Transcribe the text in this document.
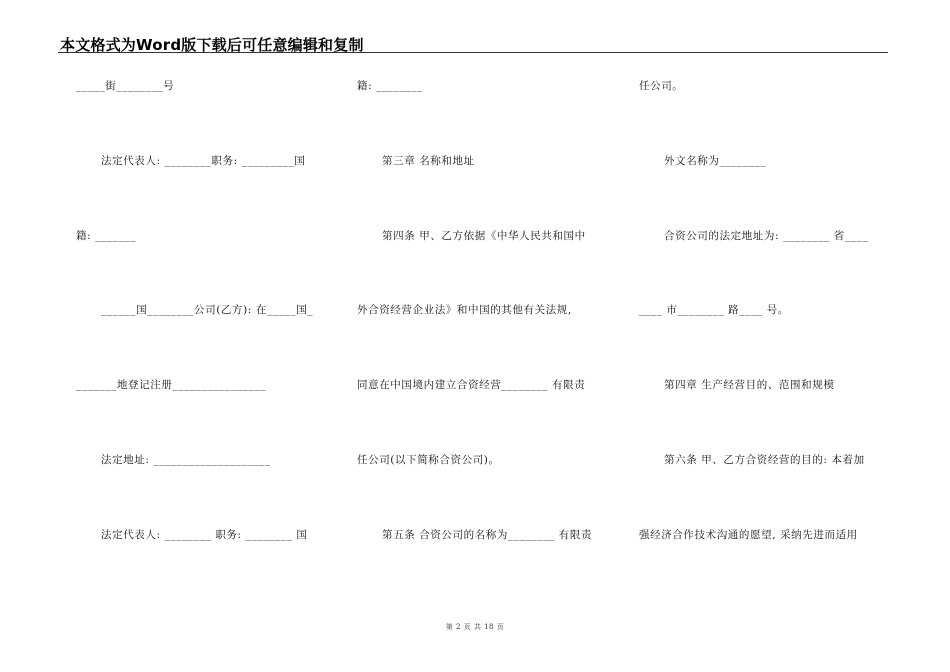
本文格式为Word版下载后可任意编辑和复制
_____街________号
法定代表人: ________职务: _________国
籍: _______
______国________公司(乙方): 在_____国_
_______地登记注册________________
法定地址: ____________________
法定代表人: ________ 职务: ________ 国
籍: ________
第三章 名称和地址
第四条 甲、乙方依据《中华人民共和国中
外合资经营企业法》和中国的其他有关法规,
同意在中国境内建立合资经营________ 有限责
任公司(以下简称合资公司)。
第五条 合资公司的名称为________ 有限责
任公司。
外文名称为________
合资公司的法定地址为: ________ 省____
____ 市________ 路____ 号。
第四章 生产经营目的、范围和规模
第六条 甲、乙方合资经营的目的: 本着加
强经济合作技术沟通的愿望, 采纳先进而适用
第 2 页 共 18 页
